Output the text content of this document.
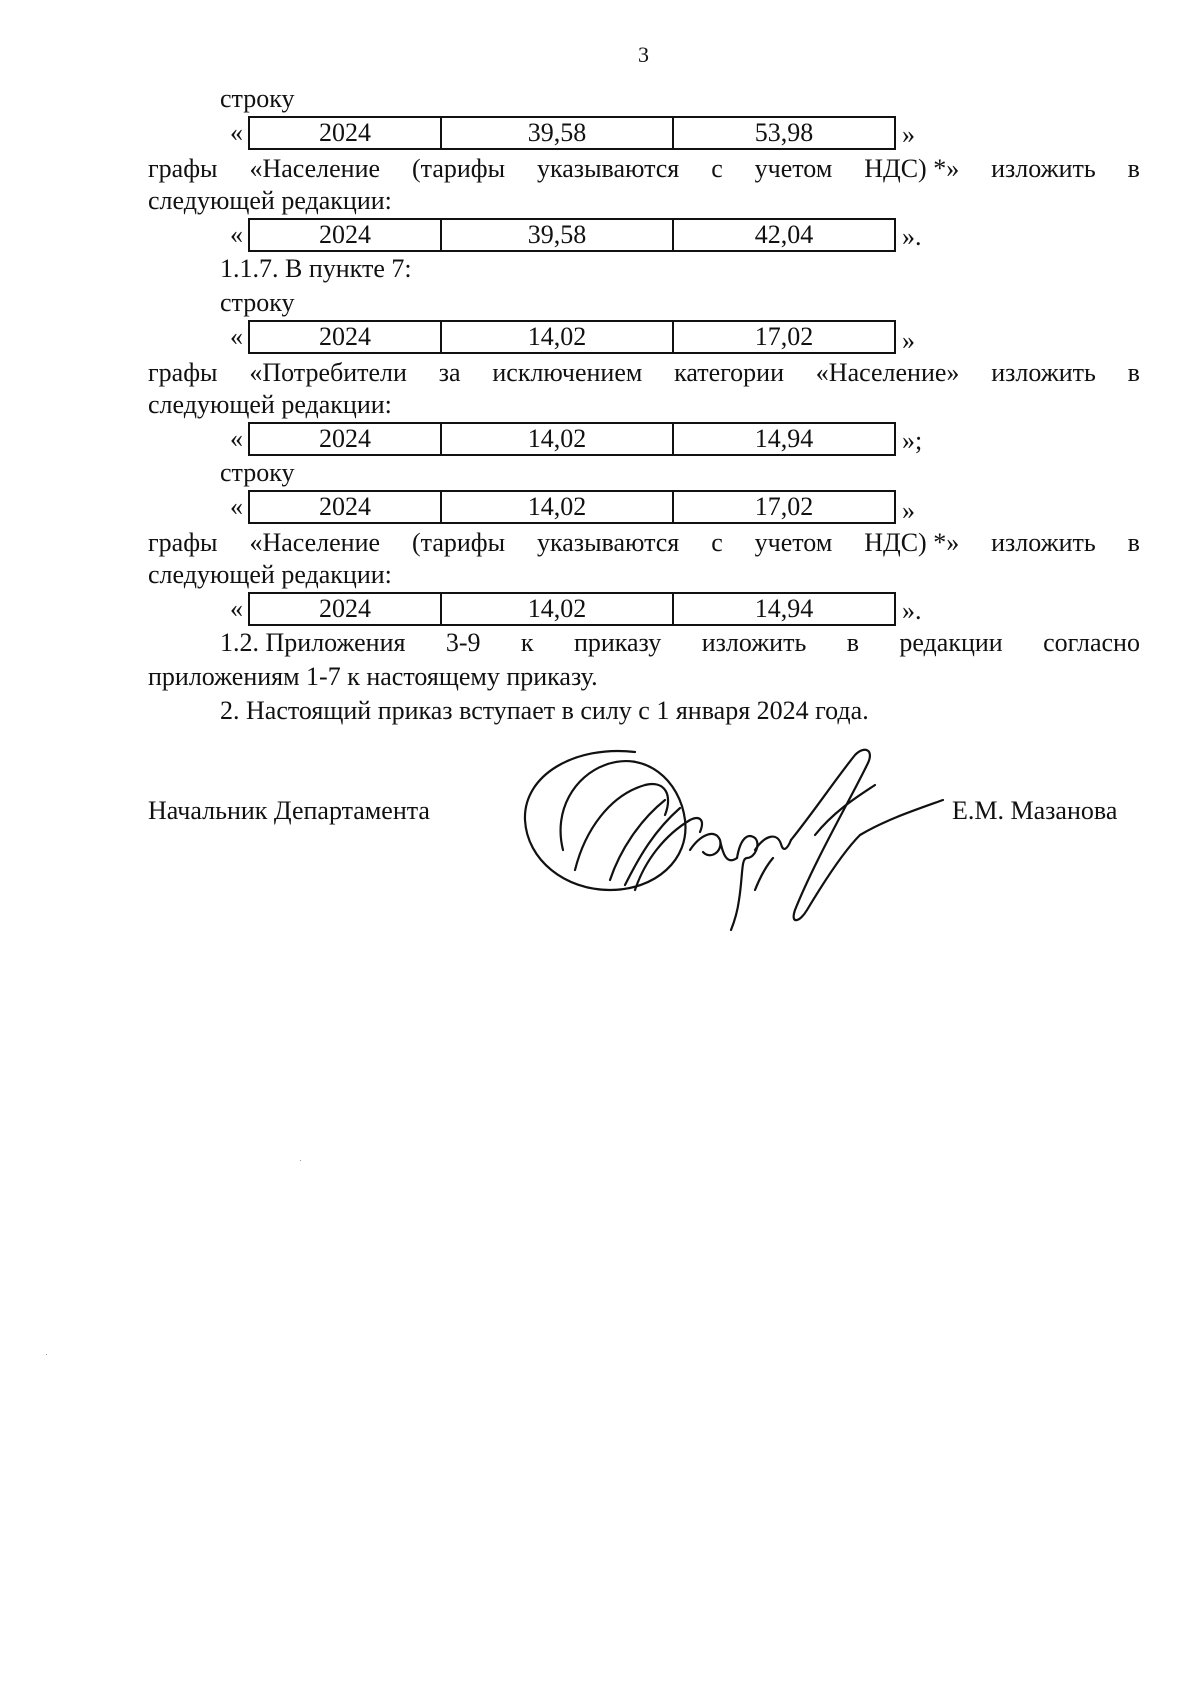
3
строку
«	2024	39,58	53,98	»
графы «Население (тарифы указываются с учетом НДС) *» изложить в
следующей редакции:
«	2024	39,58	42,04	».
1.1.7. В пункте 7:
строку
«	2024	14,02	17,02	»
графы «Потребители за исключением категории «Население» изложить в
следующей редакции:
«	2024	14,02	14,94	»;
строку
«	2024	14,02	17,02	»
графы «Население (тарифы указываются с учетом НДС) *» изложить в
следующей редакции:
«	2024	14,02	14,94	».
1.2. Приложения 3-9 к приказу изложить в редакции согласно
приложениям 1-7 к настоящему приказу.
2. Настоящий приказ вступает в силу с 1 января 2024 года.
Начальник Департамента	Е.М. Мазанова
